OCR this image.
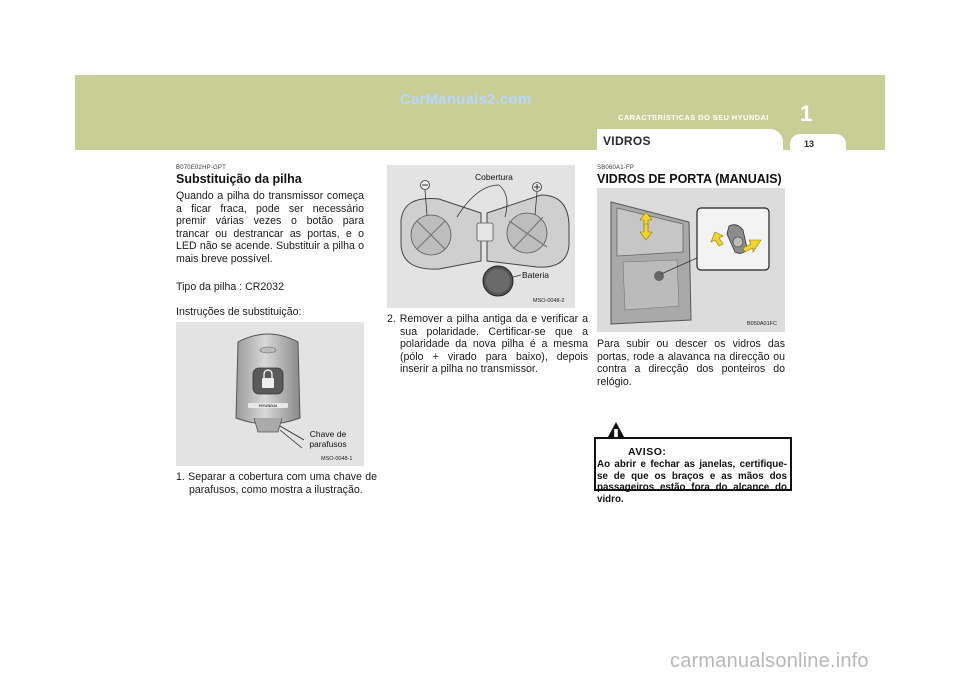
CarManuals2.com
CARACTERÍSTICAS DO SEU HYUNDAI 1
VIDROS	13
B070E02HP-GPT
Substituição da pilha
Quando a pilha do transmissor começa a ficar fraca, pode ser necessário premir várias vezes o botão para trancar ou destrancar as portas, e o LED não se acende. Substituir a pilha o mais breve possível.
Tipo da pilha : CR2032
Instruções de substituição:
HYUNDAI
Chave de parafusos
MSO-0048-1
1. Separar a cobertura com uma chave de parafusos, como mostra a ilustração.
Cobertura
Bateria
MSO-0048-2
2. Remover a pilha antiga da e verificar a sua polaridade. Certificar-se que a polaridade da nova pilha é a mesma (pólo + virado para baixo), depois inserir a pilha no transmissor.
SB060A1-FP
VIDROS DE PORTA (MANUAIS)
B050A01FC
Para subir ou descer os vidros das portas, rode a alavanca na direcção ou contra a direcção dos ponteiros do relógio.
AVISO:
Ao abrir e fechar as janelas, certifique-se de que os braços e as mãos dos passageiros estão fora do alcance do vidro.
carmanualsonline.info
